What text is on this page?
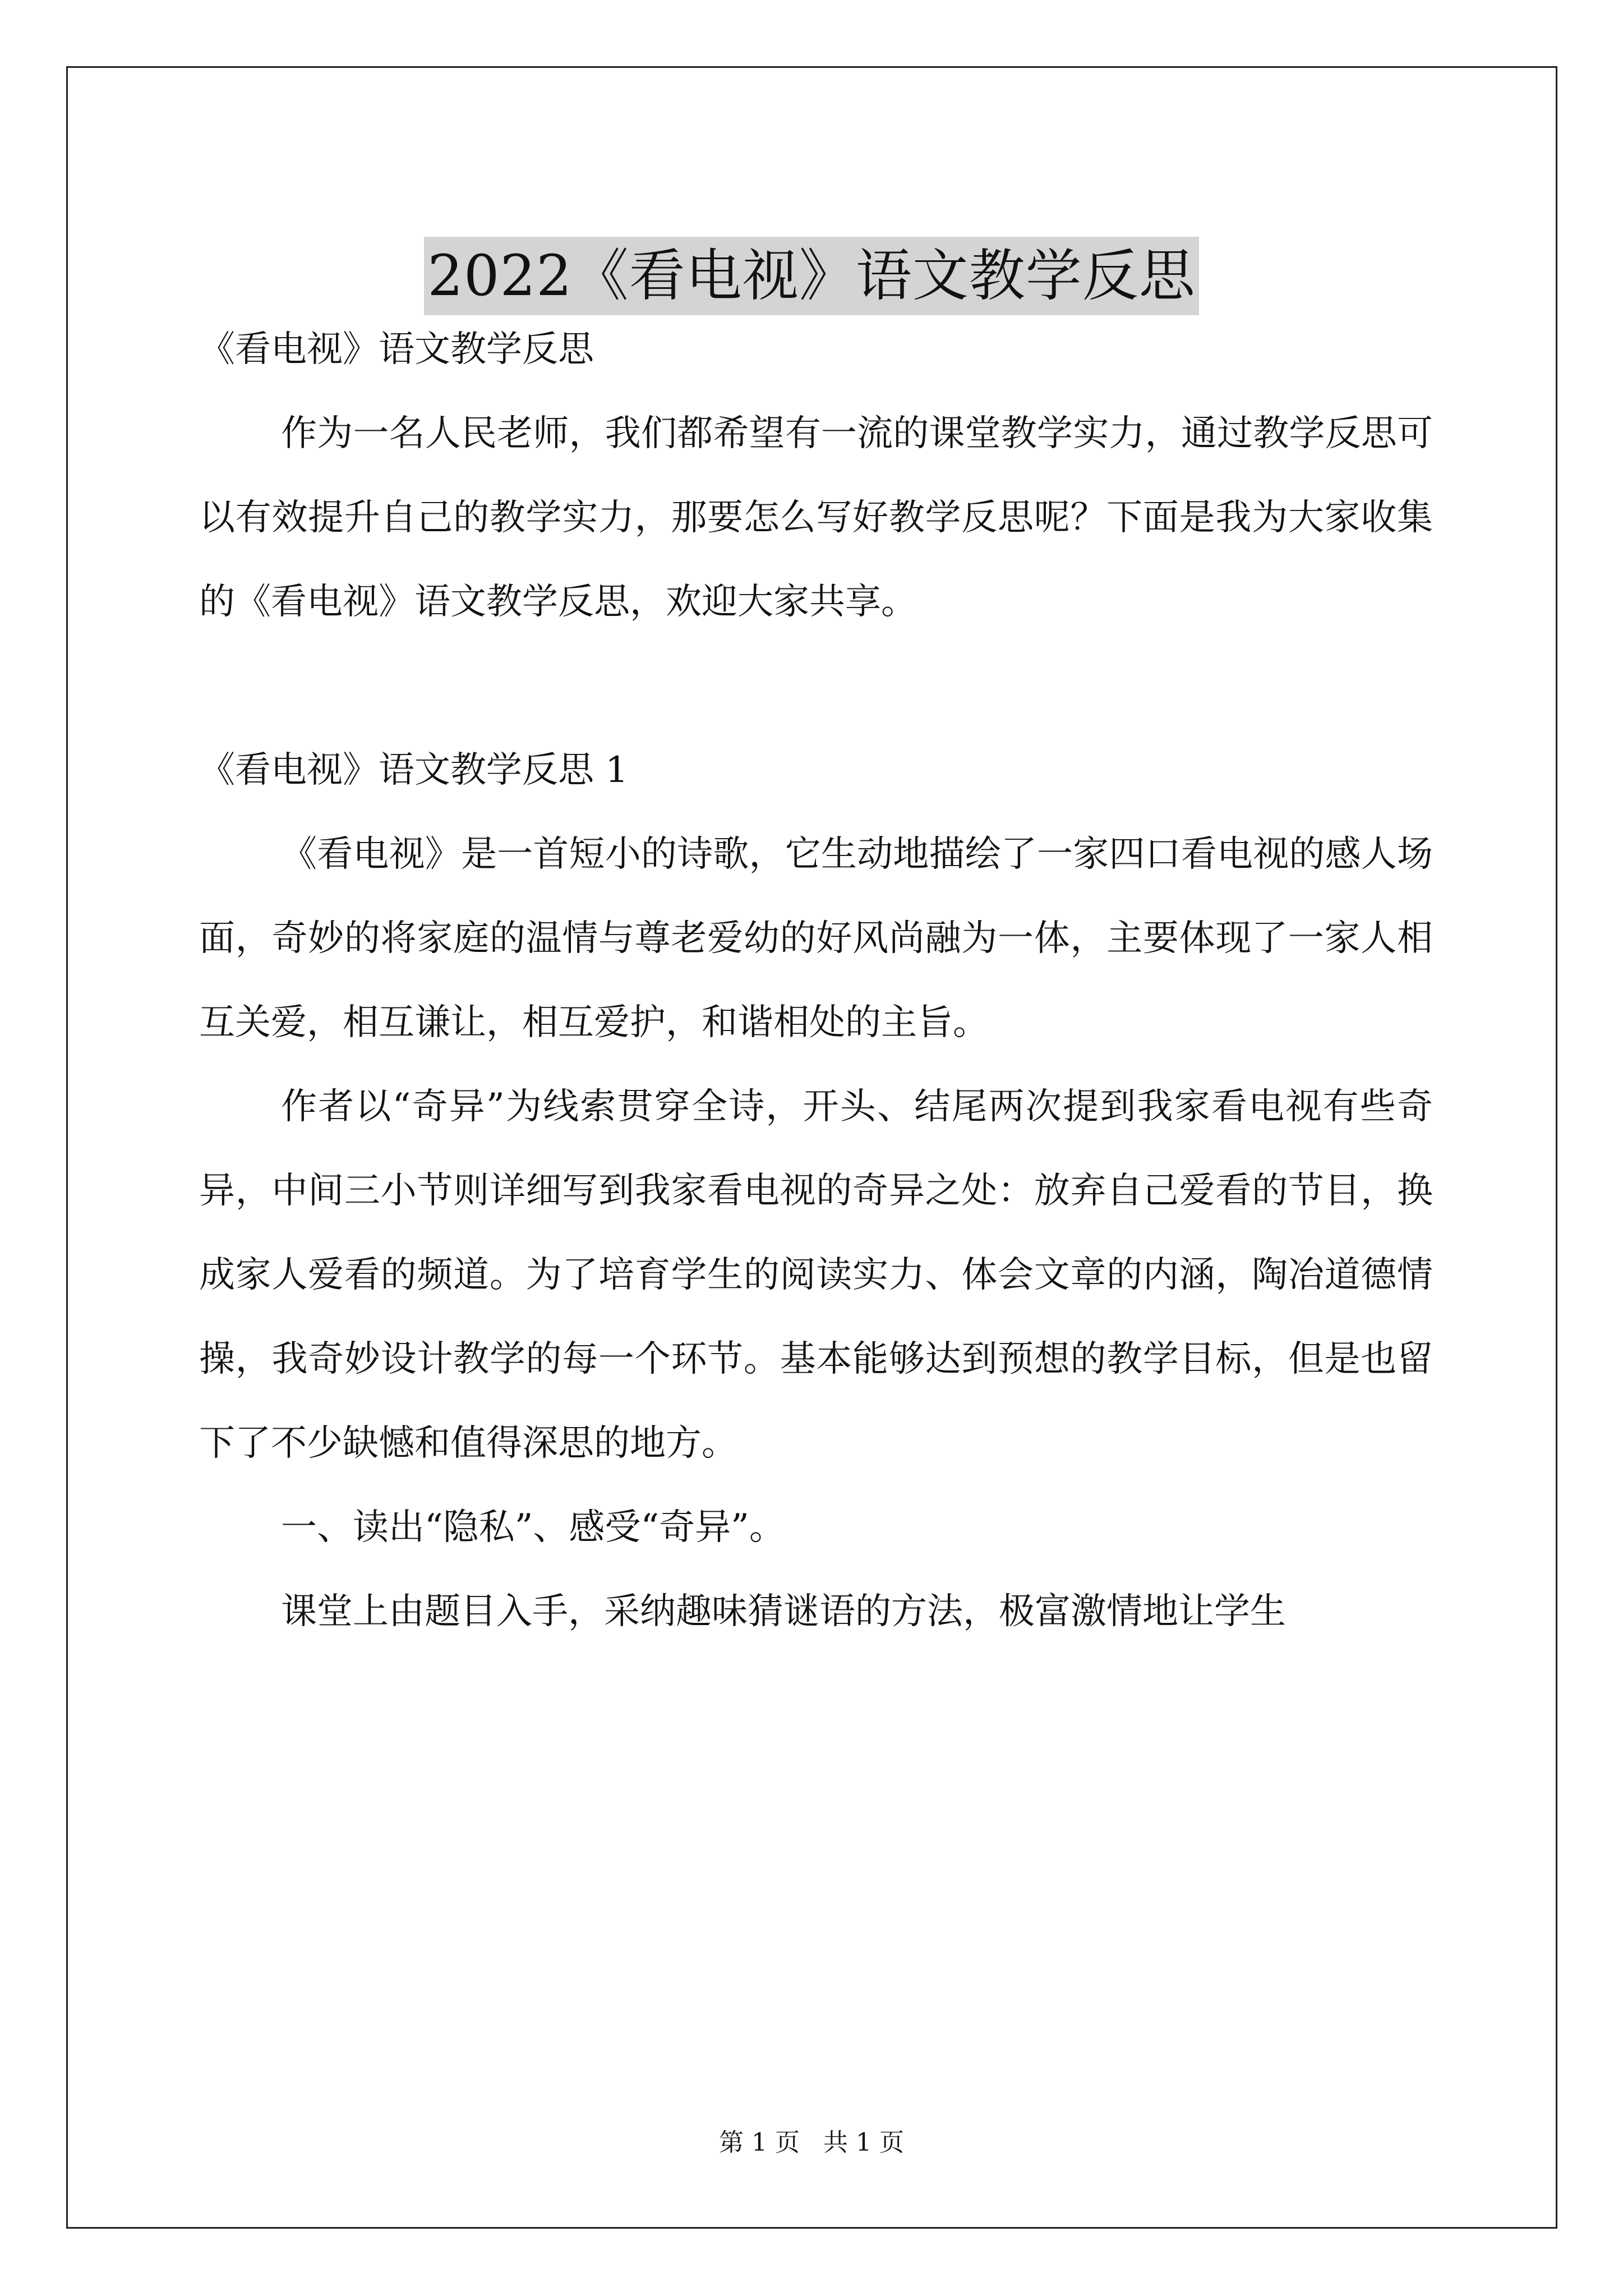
2022《看电视》语文教学反思

《看电视》语文教学反思

作为一名人民老师，我们都希望有一流的课堂教学实力，通过教学反思可以有效提升自己的教学实力，那要怎么写好教学反思呢？下面是我为大家收集的《看电视》语文教学反思，欢迎大家共享。

《看电视》语文教学反思 1

《看电视》是一首短小的诗歌，它生动地描绘了一家四口看电视的感人场面，奇妙的将家庭的温情与尊老爱幼的好风尚融为一体，主要体现了一家人相互关爱，相互谦让，相互爱护，和谐相处的主旨。

作者以“奇异”为线索贯穿全诗，开头、结尾两次提到我家看电视有些奇异，中间三小节则详细写到我家看电视的奇异之处：放弃自己爱看的节目，换成家人爱看的频道。为了培育学生的阅读实力、体会文章的内涵，陶冶道德情操，我奇妙设计教学的每一个环节。基本能够达到预想的教学目标，但是也留下了不少缺憾和值得深思的地方。

一、读出“隐私”、感受“奇异”。

课堂上由题目入手，采纳趣味猜谜语的方法，极富激情地让学生

第 1 页 共 1 页
